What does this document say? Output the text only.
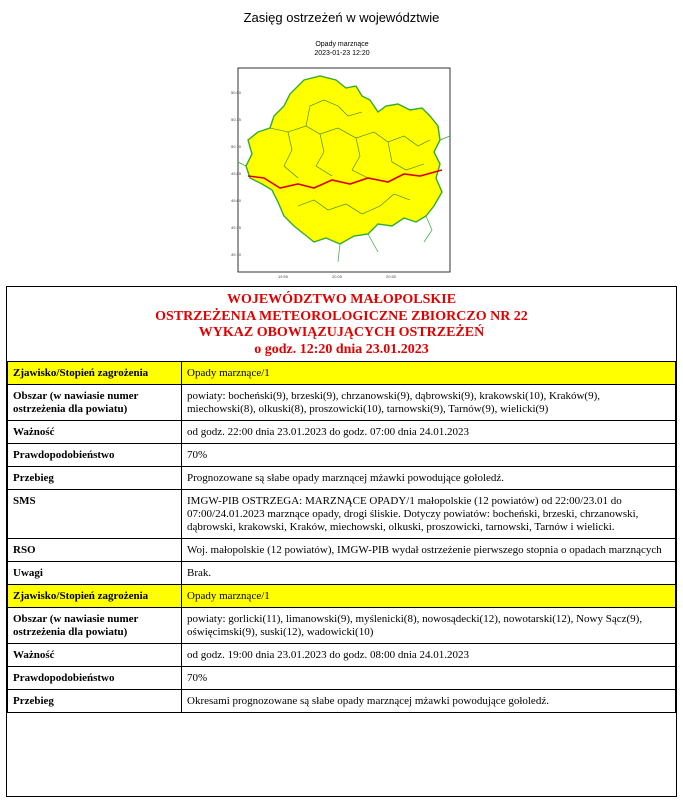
Zasięg ostrzeżeń w województwie
Opady marznące
2023-01-23 12:20
50.60
50.35
50.10
49.85
49.60
49.35
49.10
19.50	20.00	20.50
WOJEWÓDZTWO MAŁOPOLSKIE
OSTRZEŻENIA METEOROLOGICZNE ZBIORCZO NR 22
WYKAZ OBOWIĄZUJĄCYCH OSTRZEŻEŃ
o godz. 12:20 dnia 23.01.2023
Zjawisko/Stopień zagrożenia	Opady marznące/1
Obszar (w nawiasie numer ostrzeżenia dla powiatu)	powiaty: bocheński(9), brzeski(9), chrzanowski(9), dąbrowski(9), krakowski(10), Kraków(9), miechowski(8), olkuski(8), proszowicki(10), tarnowski(9), Tarnów(9), wielicki(9)
Ważność	od godz. 22:00 dnia 23.01.2023 do godz. 07:00 dnia 24.01.2023
Prawdopodobieństwo	70%
Przebieg	Prognozowane są słabe opady marznącej mżawki powodujące gołoledź.
SMS	IMGW-PIB OSTRZEGA: MARZNĄCE OPADY/1 małopolskie (12 powiatów) od 22:00/23.01 do 07:00/24.01.2023 marznące opady, drogi śliskie. Dotyczy powiatów: bocheński, brzeski, chrzanowski, dąbrowski, krakowski, Kraków, miechowski, olkuski, proszowicki, tarnowski, Tarnów i wielicki.
RSO	Woj. małopolskie (12 powiatów), IMGW-PIB wydał ostrzeżenie pierwszego stopnia o opadach marznących
Uwagi	Brak.
Zjawisko/Stopień zagrożenia	Opady marznące/1
Obszar (w nawiasie numer ostrzeżenia dla powiatu)	powiaty: gorlicki(11), limanowski(9), myślenicki(8), nowosądecki(12), nowotarski(12), Nowy Sącz(9), oświęcimski(9), suski(12), wadowicki(10)
Ważność	od godz. 19:00 dnia 23.01.2023 do godz. 08:00 dnia 24.01.2023
Prawdopodobieństwo	70%
Przebieg	Okresami prognozowane są słabe opady marznącej mżawki powodujące gołoledź.
